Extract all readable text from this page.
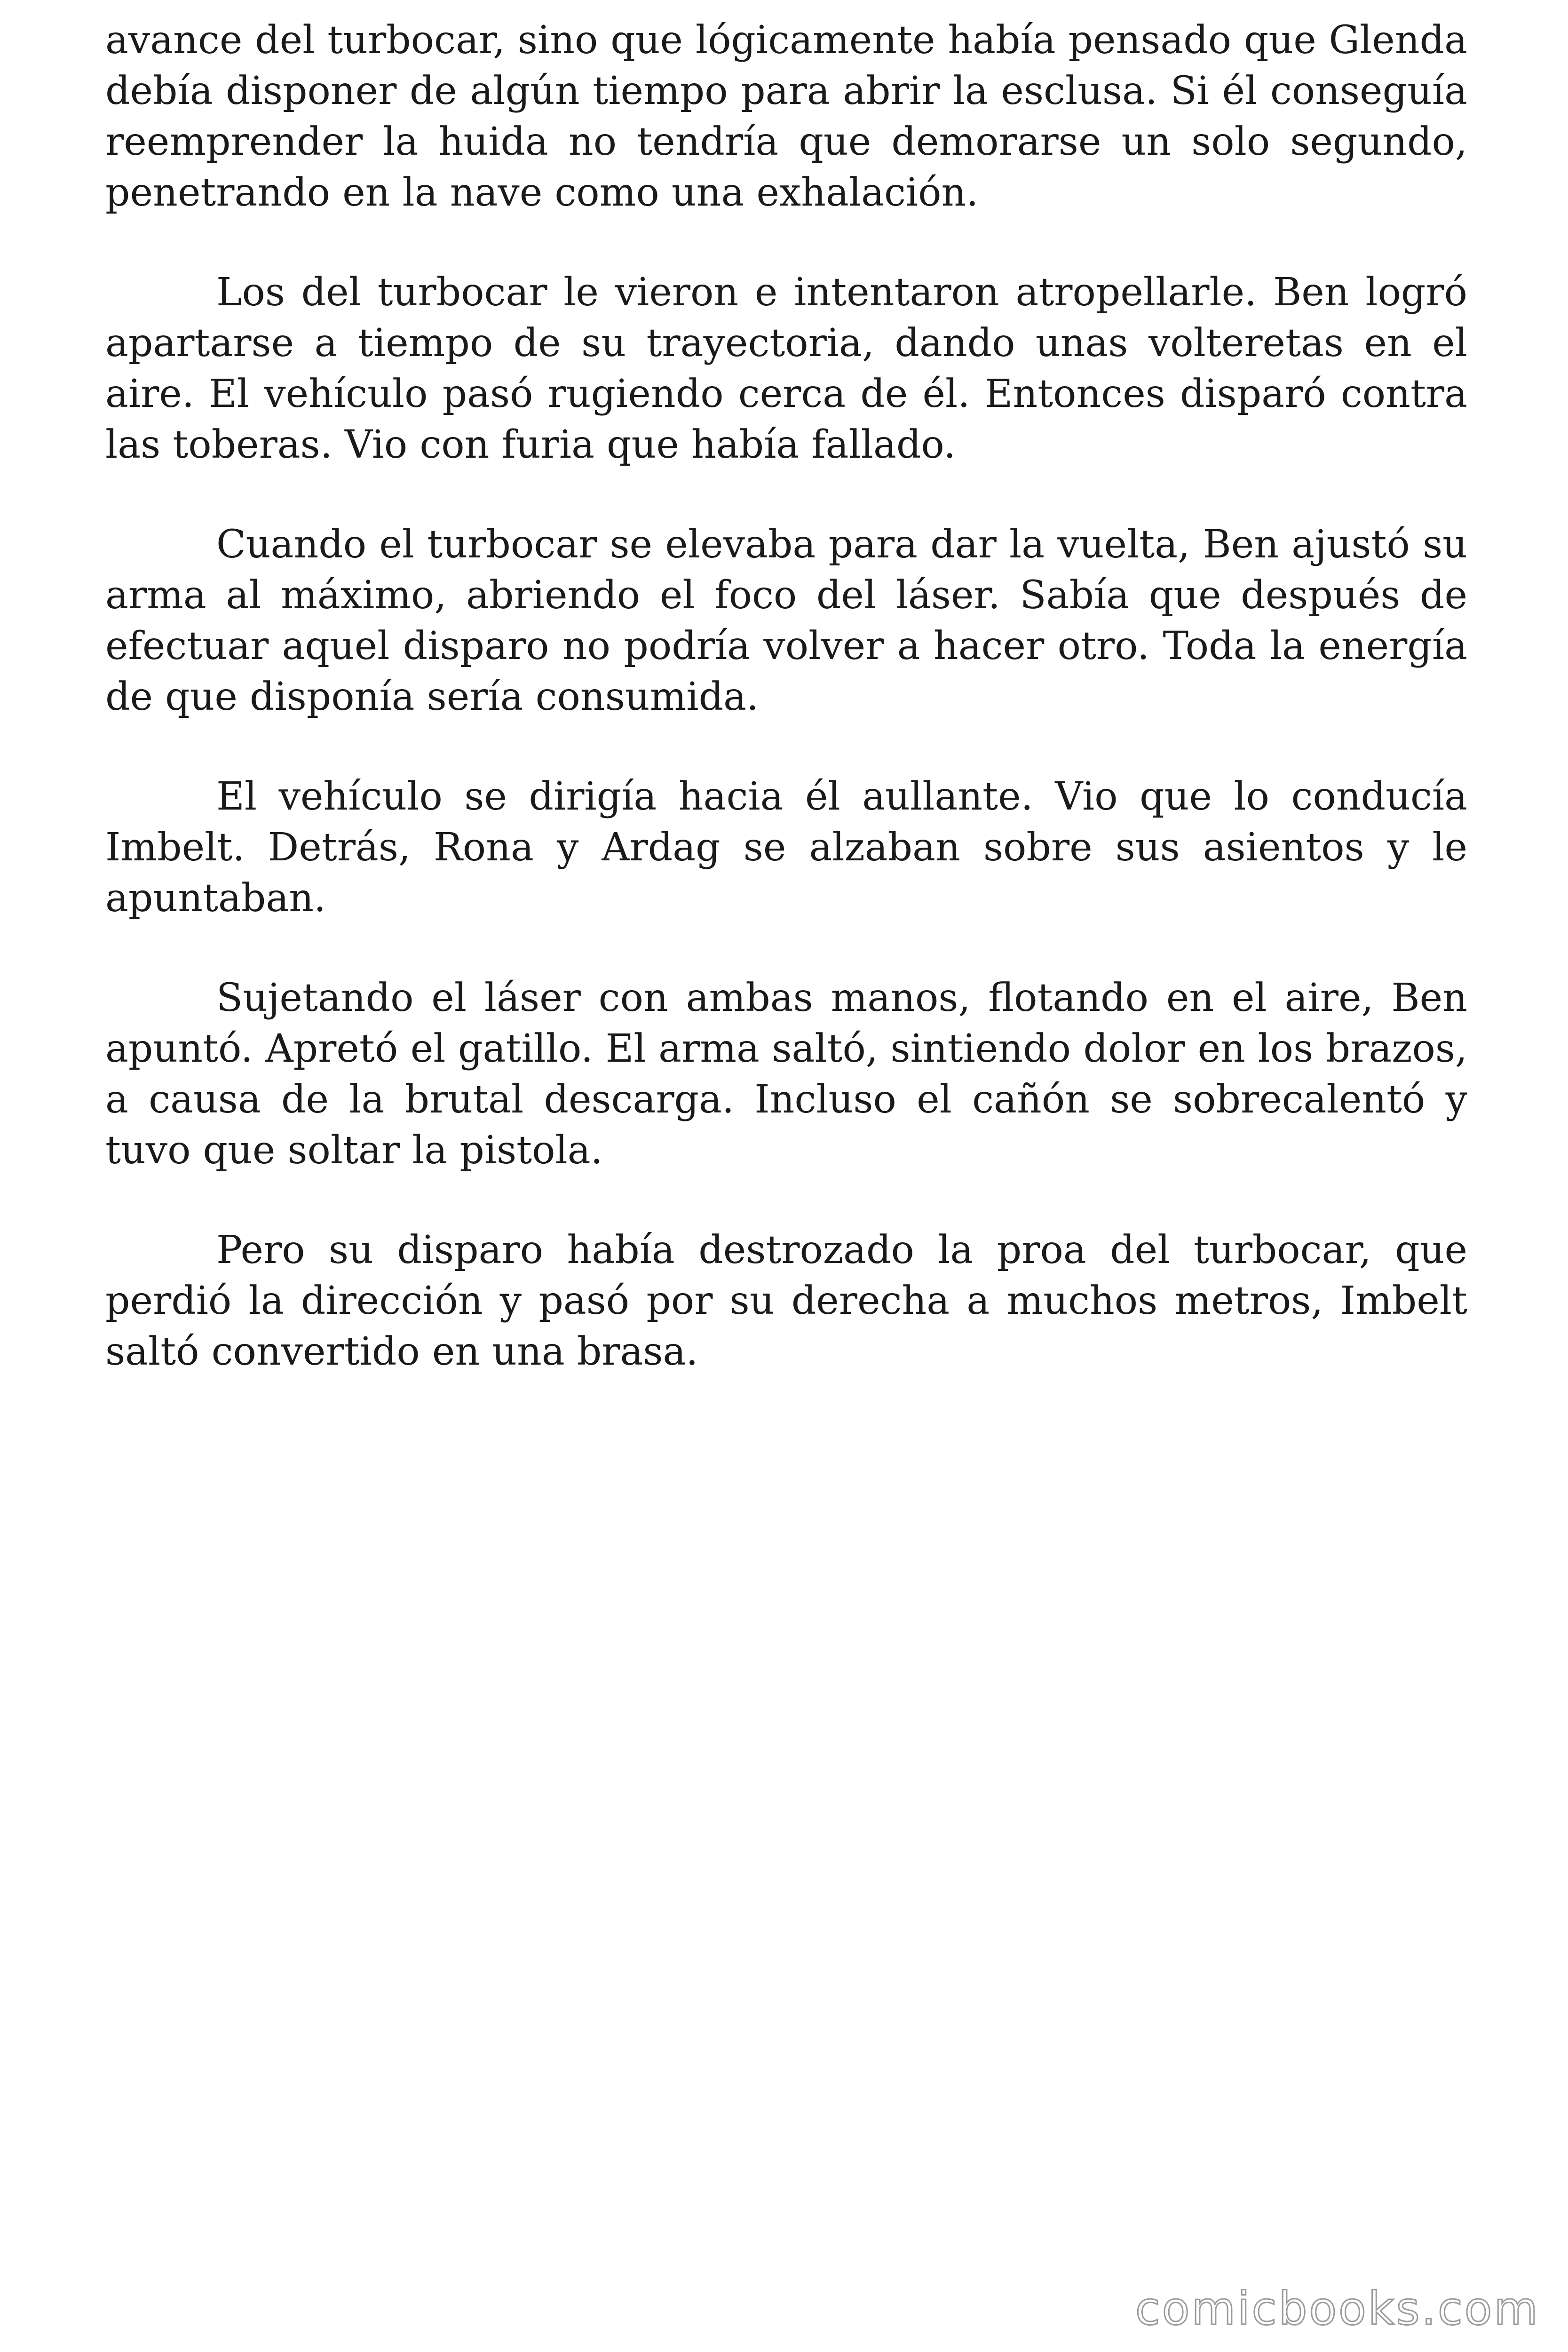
avance del turbocar, sino que lógicamente había pensado que Glenda debía disponer de algún tiempo para abrir la esclusa. Si él conseguía reemprender la huida no tendría que demorarse un solo segundo, penetrando en la nave como una exhalación.

Los del turbocar le vieron e intentaron atropellarle. Ben logró apartarse a tiempo de su trayectoria, dando unas volteretas en el aire. El vehículo pasó rugiendo cerca de él. Entonces disparó contra las toberas. Vio con furia que había fallado.

Cuando el turbocar se elevaba para dar la vuelta, Ben ajustó su arma al máximo, abriendo el foco del láser. Sabía que después de efectuar aquel disparo no podría volver a hacer otro. Toda la energía de que disponía sería consumida.

El vehículo se dirigía hacia él aullante. Vio que lo conducía Imbelt. Detrás, Rona y Ardag se alzaban sobre sus asientos y le apuntaban.

Sujetando el láser con ambas manos, flotando en el aire, Ben apuntó. Apretó el gatillo. El arma saltó, sintiendo dolor en los brazos, a causa de la brutal descarga. Incluso el cañón se sobrecalentó y tuvo que soltar la pistola.

Pero su disparo había destrozado la proa del turbocar, que perdió la dirección y pasó por su derecha a muchos metros, Imbelt saltó convertido en una brasa.

comicbooks.com
